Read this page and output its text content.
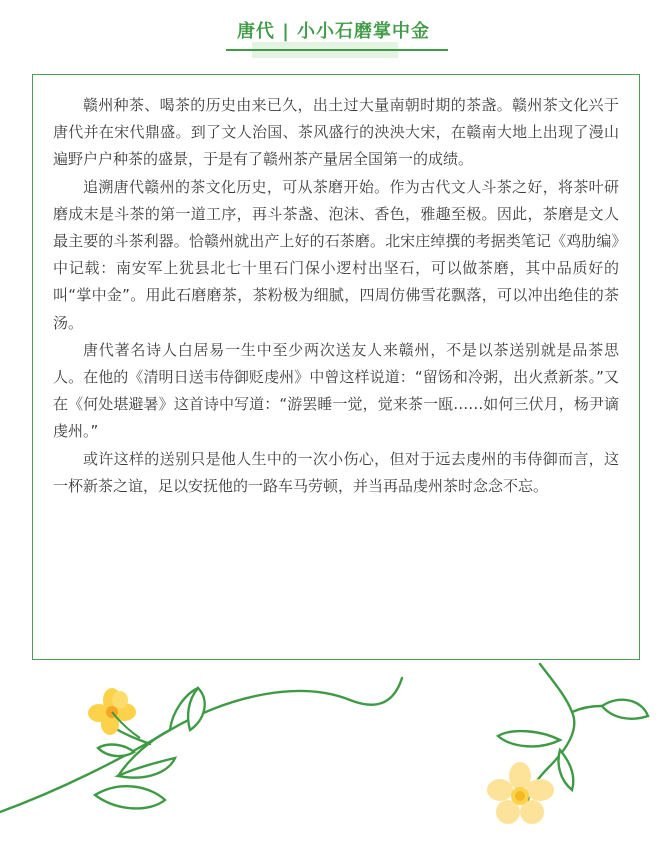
唐代 | 小小石磨掌中金

赣州种茶、喝茶的历史由来已久，出土过大量南朝时期的茶盏。赣州茶文化兴于唐代并在宋代鼎盛。到了文人治国、茶风盛行的泱泱大宋，在赣南大地上出现了漫山遍野户户种茶的盛景，于是有了赣州茶产量居全国第一的成绩。

追溯唐代赣州的茶文化历史，可从茶磨开始。作为古代文人斗茶之好，将茶叶研磨成末是斗茶的第一道工序，再斗茶盏、泡沫、香色，雅趣至极。因此，茶磨是文人最主要的斗茶利器。恰赣州就出产上好的石茶磨。北宋庄绰撰的考据类笔记《鸡肋编》中记载：南安军上犹县北七十里石门保小逻村出坚石，可以做茶磨，其中品质好的叫“掌中金”。用此石磨磨茶，茶粉极为细腻，四周仿佛雪花飘落，可以冲出绝佳的茶汤。

唐代著名诗人白居易一生中至少两次送友人来赣州，不是以茶送别就是品茶思人。在他的《清明日送韦侍御贬虔州》中曾这样说道：“留饧和冷粥，出火煮新茶。”又在《何处堪避暑》这首诗中写道：“游罢睡一觉，觉来茶一瓯……如何三伏月，杨尹谪虔州。”

或许这样的送别只是他人生中的一次小伤心，但对于远去虔州的韦侍御而言，这一杯新茶之谊，足以安抚他的一路车马劳顿，并当再品虔州茶时念念不忘。
